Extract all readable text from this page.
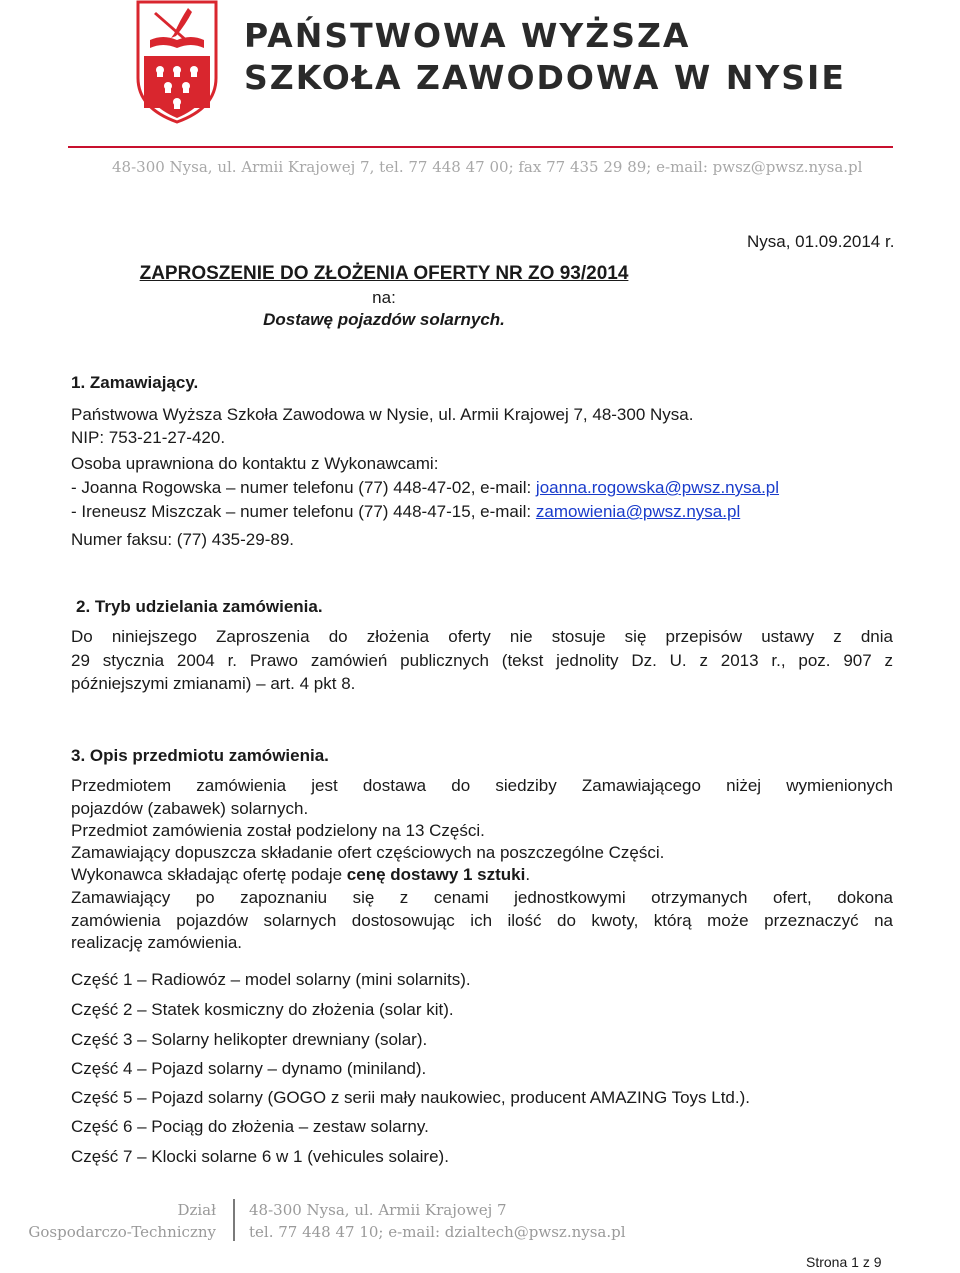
PAŃSTWOWA WYŻSZA
SZKOŁA ZAWODOWA W NYSIE
48-300 Nysa, ul. Armii Krajowej 7, tel. 77 448 47 00; fax 77 435 29 89; e-mail: pwsz@pwsz.nysa.pl
Nysa, 01.09.2014 r.
ZAPROSZENIE DO ZŁOŻENIA OFERTY NR ZO 93/2014
na:
Dostawę pojazdów solarnych.
1. Zamawiający.
Państwowa Wyższa Szkoła Zawodowa w Nysie, ul. Armii Krajowej 7, 48-300 Nysa.
NIP: 753-21-27-420.
Osoba uprawniona do kontaktu z Wykonawcami:
- Joanna Rogowska – numer telefonu (77) 448-47-02, e-mail: joanna.rogowska@pwsz.nysa.pl
- Ireneusz Miszczak – numer telefonu (77) 448-47-15, e-mail: zamowienia@pwsz.nysa.pl
Numer faksu: (77) 435-29-89.
2. Tryb udzielania zamówienia.
Do niniejszego Zaproszenia do złożenia oferty nie stosuje się przepisów ustawy z dnia
29 stycznia 2004 r. Prawo zamówień publicznych (tekst jednolity Dz. U. z 2013 r., poz. 907 z
późniejszymi zmianami) – art. 4 pkt 8.
3. Opis przedmiotu zamówienia.
Przedmiotem zamówienia jest dostawa do siedziby Zamawiającego niżej wymienionych
pojazdów (zabawek) solarnych.
Przedmiot zamówienia został podzielony na 13 Części.
Zamawiający dopuszcza składanie ofert częściowych na poszczególne Części.
Wykonawca składając ofertę podaje cenę dostawy 1 sztuki.
Zamawiający po zapoznaniu się z cenami jednostkowymi otrzymanych ofert, dokona
zamówienia pojazdów solarnych dostosowując ich ilość do kwoty, którą może przeznaczyć na
realizację zamówienia.
Część 1 – Radiowóz – model solarny (mini solarnits).
Część 2 – Statek kosmiczny do złożenia (solar kit).
Część 3 – Solarny helikopter drewniany (solar).
Część 4 – Pojazd solarny – dynamo (miniland).
Część 5 – Pojazd solarny (GOGO z serii mały naukowiec, producent AMAZING Toys Ltd.).
Część 6 – Pociąg do złożenia – zestaw solarny.
Część 7 – Klocki solarne 6 w 1 (vehicules solaire).
Dział
Gospodarczo-Techniczny
48-300 Nysa, ul. Armii Krajowej 7
tel. 77 448 47 10; e-mail: dzialtech@pwsz.nysa.pl
Strona 1 z 9
